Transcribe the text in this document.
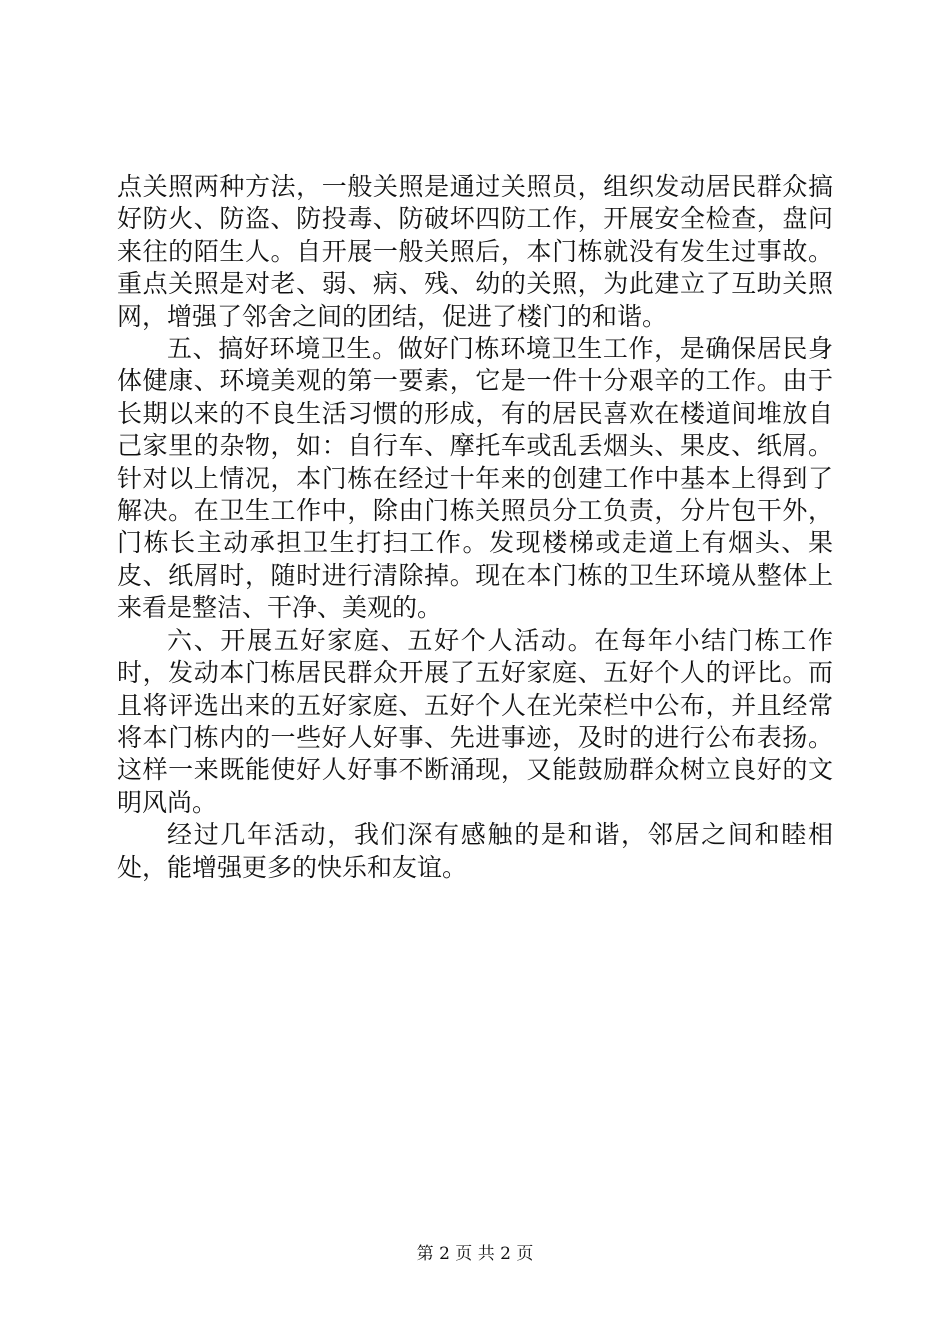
点关照两种方法，一般关照是通过关照员，组织发动居民群众搞好防火、防盗、防投毒、防破坏四防工作，开展安全检查，盘问来往的陌生人。自开展一般关照后，本门栋就没有发生过事故。重点关照是对老、弱、病、残、幼的关照，为此建立了互助关照网，增强了邻舍之间的团结，促进了楼门的和谐。

五、搞好环境卫生。做好门栋环境卫生工作，是确保居民身体健康、环境美观的第一要素，它是一件十分艰辛的工作。由于长期以来的不良生活习惯的形成，有的居民喜欢在楼道间堆放自己家里的杂物，如：自行车、摩托车或乱丢烟头、果皮、纸屑。针对以上情况，本门栋在经过十年来的创建工作中基本上得到了解决。在卫生工作中，除由门栋关照员分工负责，分片包干外，门栋长主动承担卫生打扫工作。发现楼梯或走道上有烟头、果皮、纸屑时，随时进行清除掉。现在本门栋的卫生环境从整体上来看是整洁、干净、美观的。

六、开展五好家庭、五好个人活动。在每年小结门栋工作时，发动本门栋居民群众开展了五好家庭、五好个人的评比。而且将评选出来的五好家庭、五好个人在光荣栏中公布，并且经常将本门栋内的一些好人好事、先进事迹，及时的进行公布表扬。这样一来既能使好人好事不断涌现，又能鼓励群众树立良好的文明风尚。

经过几年活动，我们深有感触的是和谐，邻居之间和睦相处，能增强更多的快乐和友谊。

第 2 页 共 2 页
